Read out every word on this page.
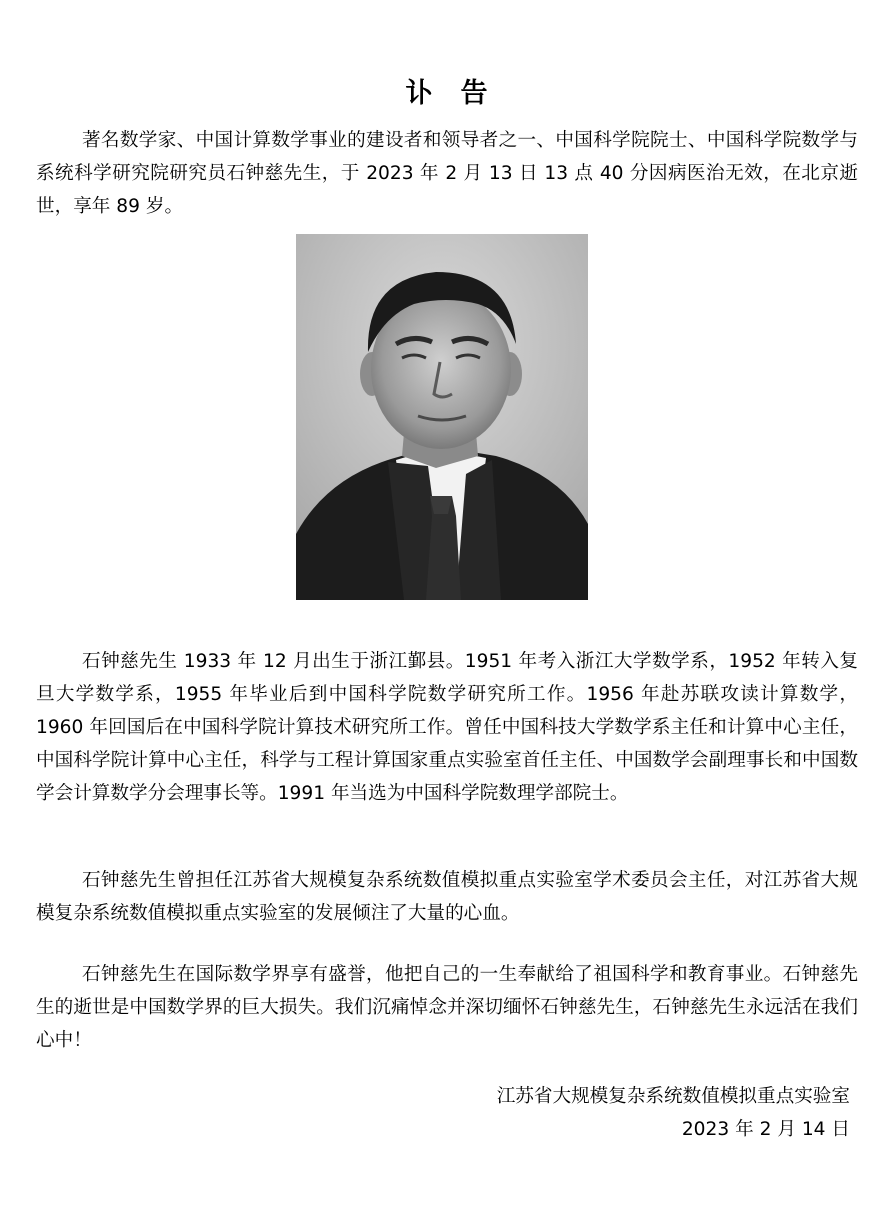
讣告

著名数学家、中国计算数学事业的建设者和领导者之一、中国科学院院士、中国科学院数学与系统科学研究院研究员石钟慈先生，于 2023 年 2 月 13 日 13 点 40 分因病医治无效，在北京逝世，享年 89 岁。

石钟慈先生 1933 年 12 月出生于浙江鄞县。1951 年考入浙江大学数学系，1952 年转入复旦大学数学系，1955 年毕业后到中国科学院数学研究所工作。1956 年赴苏联攻读计算数学，1960 年回国后在中国科学院计算技术研究所工作。曾任中国科技大学数学系主任和计算中心主任，中国科学院计算中心主任，科学与工程计算国家重点实验室首任主任、中国数学会副理事长和中国数学会计算数学分会理事长等。1991 年当选为中国科学院数理学部院士。

石钟慈先生曾担任江苏省大规模复杂系统数值模拟重点实验室学术委员会主任，对江苏省大规模复杂系统数值模拟重点实验室的发展倾注了大量的心血。

石钟慈先生在国际数学界享有盛誉，他把自己的一生奉献给了祖国科学和教育事业。石钟慈先生的逝世是中国数学界的巨大损失。我们沉痛悼念并深切缅怀石钟慈先生，石钟慈先生永远活在我们心中！

江苏省大规模复杂系统数值模拟重点实验室
2023 年 2 月 14 日
